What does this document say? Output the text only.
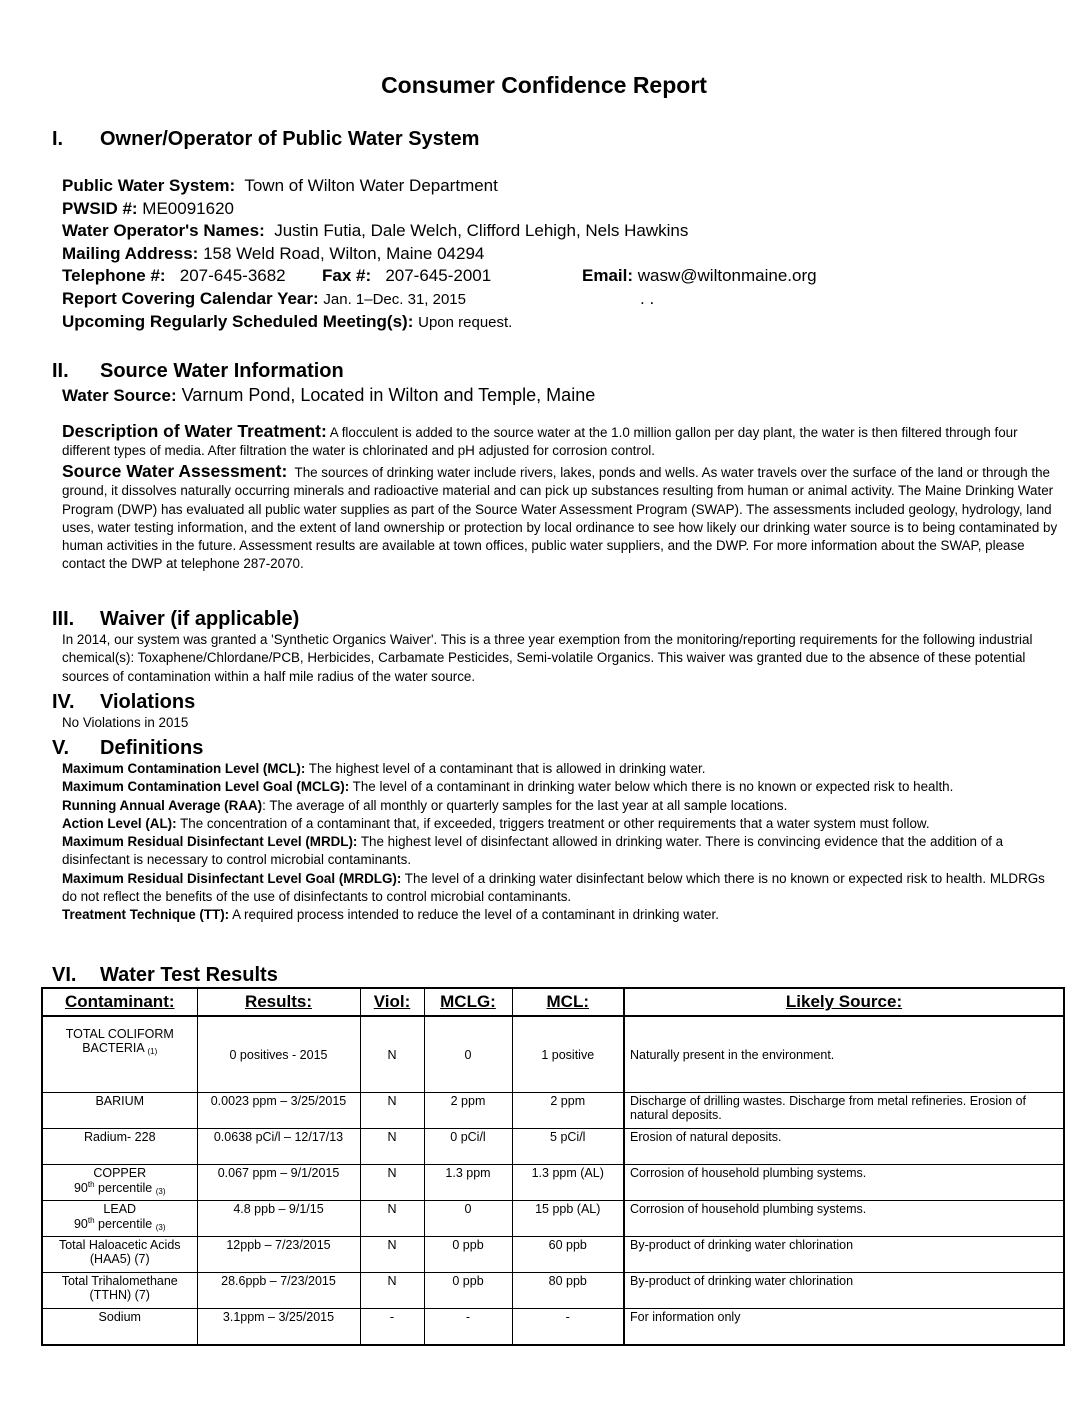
Consumer Confidence Report
I. Owner/Operator of Public Water System
Public Water System: Town of Wilton Water Department
PWSID #: ME0091620
Water Operator's Names: Justin Futia, Dale Welch, Clifford Lehigh, Nels Hawkins
Mailing Address: 158 Weld Road, Wilton, Maine 04294
Telephone #: 207-645-3682 Fax #: 207-645-2001	Email: wasw@wiltonmaine.org
Report Covering Calendar Year: Jan. 1–Dec. 31, 2015	. .
Upcoming Regularly Scheduled Meeting(s): Upon request.
II. Source Water Information
Water Source: Varnum Pond, Located in Wilton and Temple, Maine
Description of Water Treatment: A flocculent is added to the source water at the 1.0 million gallon per day plant, the water is then filtered through four different types of media. After filtration the water is chlorinated and pH adjusted for corrosion control.
Source Water Assessment: The sources of drinking water include rivers, lakes, ponds and wells. As water travels over the surface of the land or through the ground, it dissolves naturally occurring minerals and radioactive material and can pick up substances resulting from human or animal activity. The Maine Drinking Water Program (DWP) has evaluated all public water supplies as part of the Source Water Assessment Program (SWAP). The assessments included geology, hydrology, land uses, water testing information, and the extent of land ownership or protection by local ordinance to see how likely our drinking water source is to being contaminated by human activities in the future. Assessment results are available at town offices, public water suppliers, and the DWP. For more information about the SWAP, please contact the DWP at telephone 287-2070.
III. Waiver (if applicable)
In 2014, our system was granted a 'Synthetic Organics Waiver'. This is a three year exemption from the monitoring/reporting requirements for the following industrial chemical(s): Toxaphene/Chlordane/PCB, Herbicides, Carbamate Pesticides, Semi-volatile Organics. This waiver was granted due to the absence of these potential sources of contamination within a half mile radius of the water source.
IV. Violations
No Violations in 2015
V. Definitions
Maximum Contamination Level (MCL): The highest level of a contaminant that is allowed in drinking water.
Maximum Contamination Level Goal (MCLG): The level of a contaminant in drinking water below which there is no known or expected risk to health.
Running Annual Average (RAA): The average of all monthly or quarterly samples for the last year at all sample locations.
Action Level (AL): The concentration of a contaminant that, if exceeded, triggers treatment or other requirements that a water system must follow.
Maximum Residual Disinfectant Level (MRDL): The highest level of disinfectant allowed in drinking water. There is convincing evidence that the addition of a disinfectant is necessary to control microbial contaminants.
Maximum Residual Disinfectant Level Goal (MRDLG): The level of a drinking water disinfectant below which there is no known or expected risk to health. MLDRGs do not reflect the benefits of the use of disinfectants to control microbial contaminants.
Treatment Technique (TT): A required process intended to reduce the level of a contaminant in drinking water.
VI. Water Test Results
Contaminant:	Results:	Viol:	MCLG:	MCL:	Likely Source:
TOTAL COLIFORM BACTERIA $_{(1)}$	0 positives - 2015	N	0	1 positive	Naturally present in the environment.
BARIUM	0.0023 ppm – 3/25/2015	N	2 ppm	2 ppm	Discharge of drilling wastes. Discharge from metal refineries. Erosion of natural deposits.
Radium- 228	0.0638 pCi/l – 12/17/13	N	0 pCi/l	5 pCi/l	Erosion of natural deposits.
COPPER
90th percentile $_{(3)}$	0.067 ppm – 9/1/2015	N	1.3 ppm	1.3 ppm (AL)	Corrosion of household plumbing systems.
LEAD
90th percentile $_{(3)}$	4.8 ppb – 9/1/15	N	0	15 ppb (AL)	Corrosion of household plumbing systems.
Total Haloacetic Acids (HAA5) (7)	12ppb – 7/23/2015	N	0 ppb	60 ppb	By-product of drinking water chlorination
Total Trihalomethane (TTHN) (7)	28.6ppb – 7/23/2015	N	0 ppb	80 ppb	By-product of drinking water chlorination
Sodium	3.1ppm – 3/25/2015	-	-	-	For information only
